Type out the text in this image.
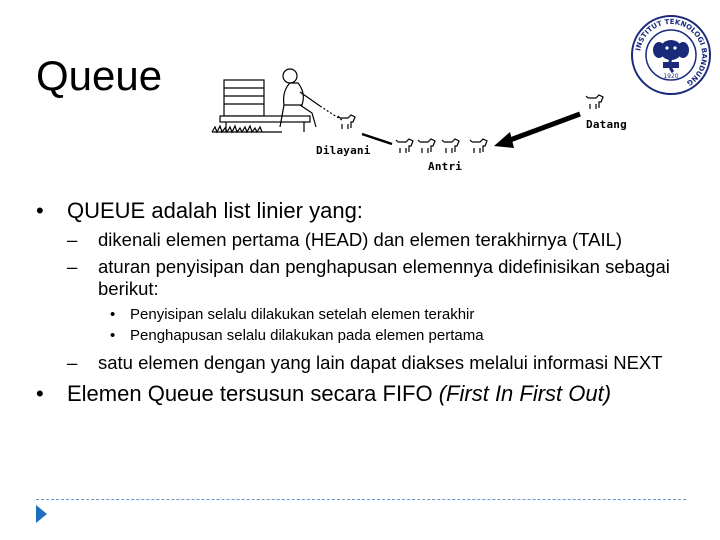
Queue
INSTITUT TEKNOLOGI BANDUNG
1920
Dilayani
Antri
Datang
• QUEUE adalah list linier yang:
– dikenali elemen pertama (HEAD) dan elemen terakhirnya (TAIL)
– aturan penyisipan dan penghapusan elemennya didefinisikan sebagai berikut:
• Penyisipan selalu dilakukan setelah elemen terakhir
• Penghapusan selalu dilakukan pada elemen pertama
– satu elemen dengan yang lain dapat diakses melalui informasi NEXT
• Elemen Queue tersusun secara FIFO (First In First Out)
